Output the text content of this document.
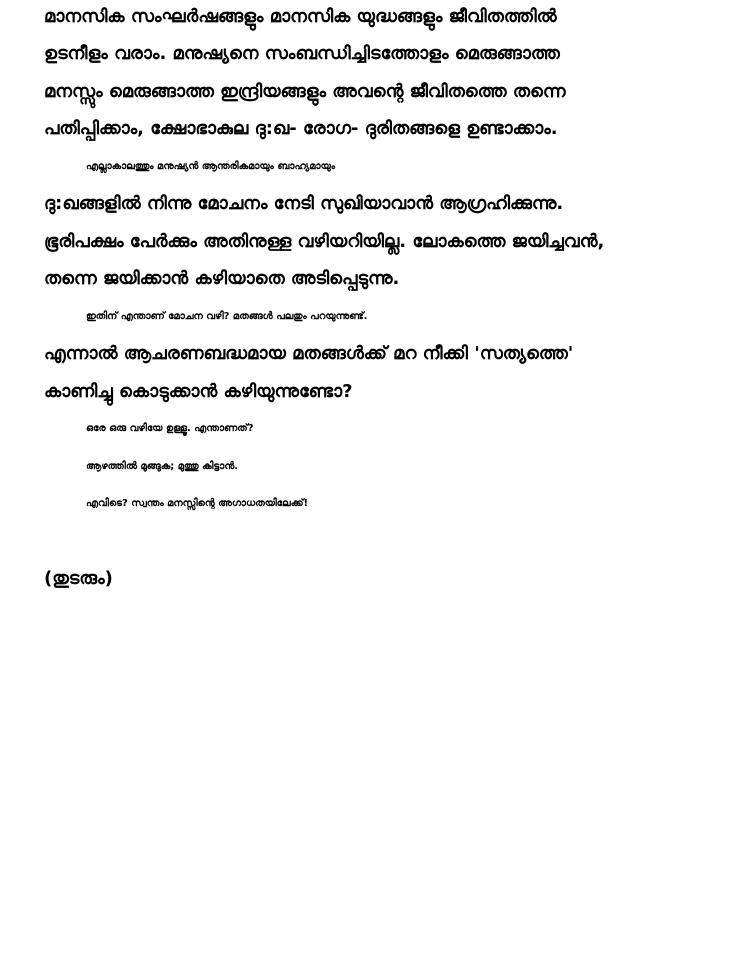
മാനസിക സംഘർഷങ്ങളും മാനസിക യുദ്ധങ്ങളും ജീവിതത്തിൽ
ഉടനീളം വരാം. മനുഷ്യനെ സംബന്ധിച്ചിടത്തോളം മെരുങ്ങാത്ത
മനസ്സും മെരുങ്ങാത്ത ഇന്ദ്രിയങ്ങളും അവന്റെ ജീവിതത്തെ തന്നെ
പതിപ്പിക്കാം, ക്ഷോഭാകുല ദു:ഖ- രോഗ- ദുരിതങ്ങളെ ഉണ്ടാക്കാം.
എല്ലാകാലത്തും മനുഷ്യൻ ആന്തരികമായും ബാഹ്യമായും
ദു:ഖങ്ങളിൽ നിന്നു മോചനം നേടി സുഖിയാവാൻ ആഗ്രഹിക്കുന്നു.
ഭൂരിപക്ഷം പേർക്കും അതിനുള്ള വഴിയറിയില്ല. ലോകത്തെ ജയിച്ചവൻ,
തന്നെ ജയിക്കാൻ കഴിയാതെ അടിപ്പെടുന്നു.
ഇതിന് എന്താണ് മോചന വഴി? മതങ്ങൾ പലതും പറയുന്നുണ്ട്.
എന്നാൽ ആചരണബദ്ധമായ മതങ്ങൾക്ക് മറ നീക്കി 'സത്യത്തെ'
കാണിച്ചു കൊടുക്കാൻ കഴിയുന്നുണ്ടോ?
ഒരേ ഒരു വഴിയേ ഉള്ളൂ. എന്താണത്?
ആഴത്തിൽ മുങ്ങുക; മുത്തു കിട്ടാൻ.
എവിടെ? സ്വന്തം മനസ്സിന്റെ അഗാധതയിലേക്ക്!
(തുടരും)
